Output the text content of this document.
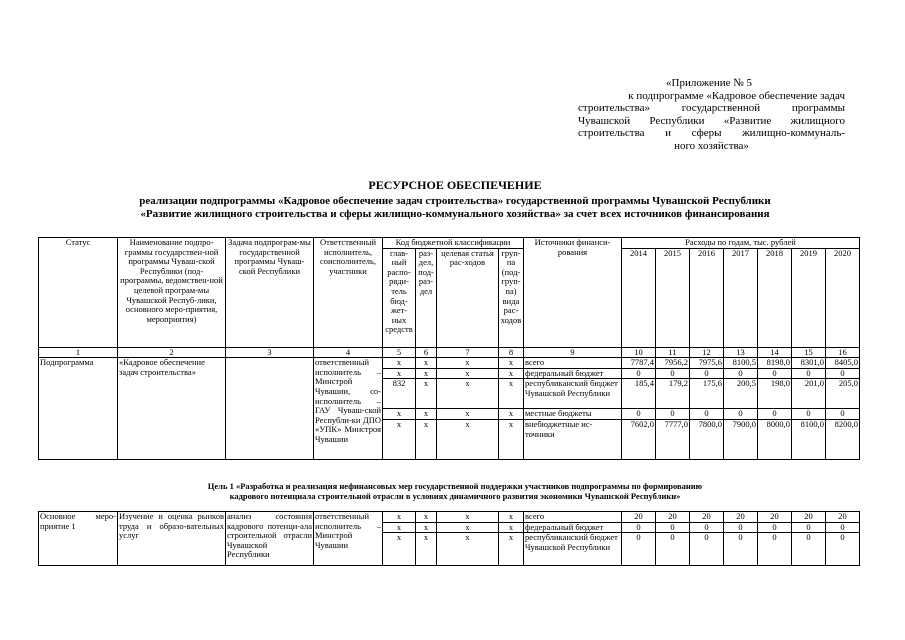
«Приложение № 5
к подпрограмме «Кадровое обеспечение задач
строительства» государственной программы
Чувашской Республики «Развитие жилищного
строительства и сферы жилищно-коммуналь-
ного хозяйства»
РЕСУРСНОЕ ОБЕСПЕЧЕНИЕ
реализации подпрограммы «Кадровое обеспечение задач строительства» государственной программы Чувашской Республики
«Развитие жилищного строительства и сферы жилищно-коммунального хозяйства» за счет всех источников финансирования
Статус	Наименование подпро-граммы государствен-ной программы Чуваш-ской Республики (под-программы, ведомствен-ной целевой програм-мы Чувашской Респуб-лики, основного меро-приятия, мероприятия)	Задача подпрограм-мы государственной программы Чуваш-ской Республики	Ответственный исполнитель, соисполнитель, участники	Код бюджетной классификации				Источники финанси-рования	Расходы по годам, тыс. рублей						
				глав-ный распо-ряди-тель бюд-жет-ных средств	раз-дел, под-раз-дел	целевая статья рас-ходов	груп-па (под-груп-па) вида рас-ходов		2014	2015	2016	2017	2018	2019	2020
1	2	3	4	5	6	7	8	9	10	11	12	13	14	15	16
Подпрограмма	«Кадровое обеспечение задач строительства»		ответственный исполнитель – Минстрой Чувашии, со-исполнитель – ГАУ Чуваш-ской Республи-ки ДПО «УПК» Минстроя Чувашии	x	x	x	x	всего	7787,4	7956,2	7975,6	8100,5	8198,0	8301,0	8405,0
				x	x	x	x	федеральный бюджет	0	0	0	0	0	0	0
				832	x	x	x	республиканский бюджет Чувашской Республики	185,4	179,2	175,6	200,5	198,0	201,0	205,0
				x	x	x	x	местные бюджеты	0	0	0	0	0	0	0
				x	x	x	x	внебюджетные ис-точники	7602,0	7777,0	7800,0	7900,0	8000,0	8100,0	8200,0
Цель 1 «Разработка и реализация нефинансовых мер государственной поддержки участников подпрограммы по формированию
кадрового потенциала строительной отрасли в условиях динамичного развития экономики Чувашской Республики»
Основное меро-приятие 1	Изучение и оценка рынков труда и образо-вательных услуг	анализ состояния кадрового потенци-ала строительной отрасли Чувашской Республики	ответственный исполнитель – Минстрой Чувашии	x	x	x	x	всего	20	20	20	20	20	20	20
				x	x	x	x	федеральный бюджет	0	0	0	0	0	0	0
				x	x	x	x	республиканский бюджет Чувашской Республики	0	0	0	0	0	0	0
